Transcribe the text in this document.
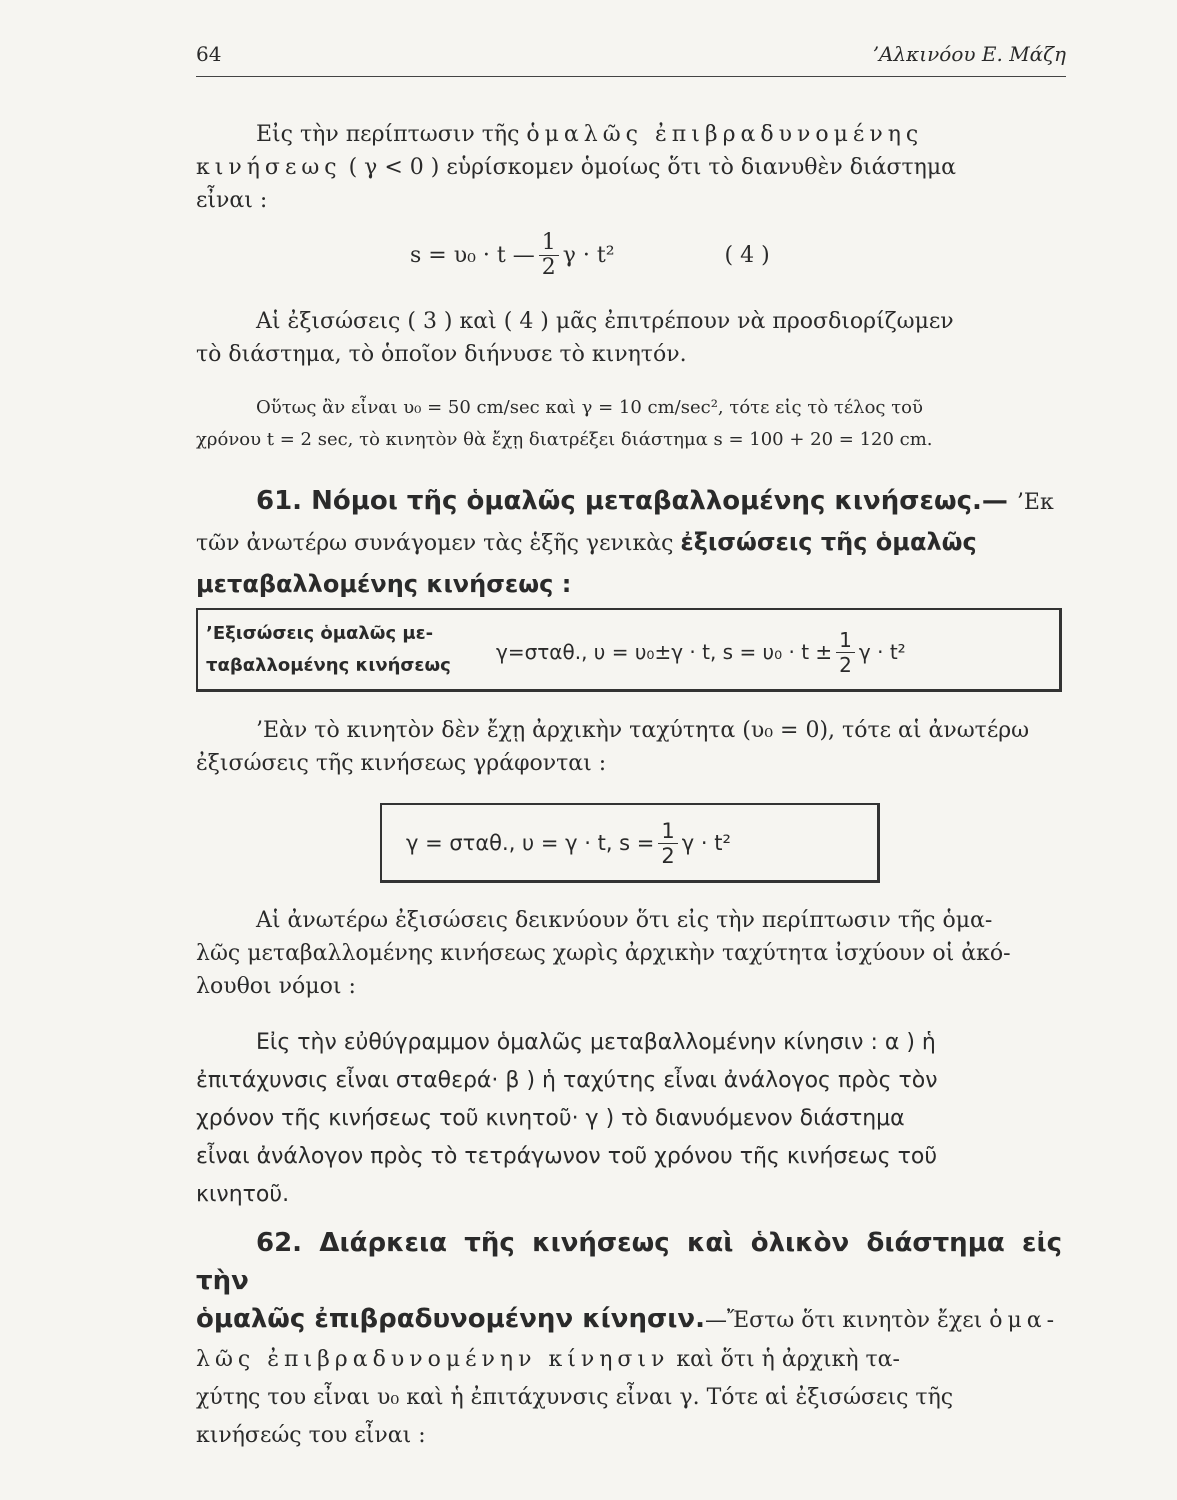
64	’Αλκινόου Ε. Μάζη

Εἰς τὴν περίπτωσιν τῆς ὁμαλῶς ἐπιβραδυνομένης

κινήσεως ( γ < 0 ) εὑρίσκομεν ὁμοίως ὅτι τὸ διανυθὲν διάστημα

εἶναι :

s = υ₀ · t — $\frac{1}{2}$ γ · t²	( 4 )

Αἱ ἐξισώσεις ( 3 ) καὶ ( 4 ) μᾶς ἐπιτρέπουν νὰ προσδιορίζωμεν

τὸ διάστημα, τὸ ὁποῖον διήνυσε τὸ κινητόν.

Οὕτως ἂν εἶναι υ₀ = 50 cm/sec καὶ γ = 10 cm/sec², τότε εἰς τὸ τέλος τοῦ

χρόνου t = 2 sec, τὸ κινητὸν θὰ ἔχῃ διατρέξει διάστημα s = 100 + 20 = 120 cm.

61. Νόμοι τῆς ὁμαλῶς μεταβαλλομένης κινήσεως.— ’Εκ

τῶν ἀνωτέρω συνάγομεν τὰς ἑξῆς γενικὰς ἐξισώσεις τῆς ὁμαλῶς

μεταβαλλομένης κινήσεως :

’Εξισώσεις ὁμαλῶς με-
ταβαλλομένης κινήσεως
γ=σταθ., υ = υ₀±γ · t, $s = \upsilon_0 \cdot t \pm \frac{1}{2}$ γ · t²

’Εὰν τὸ κινητὸν δὲν ἔχῃ ἀρχικὴν ταχύτητα (υ₀ = 0), τότε αἱ ἀνωτέρω

ἐξισώσεις τῆς κινήσεως γράφονται :

γ = σταθ., υ = γ · t, $s = \frac{1}{2}$ γ · t²

Αἱ ἀνωτέρω ἐξισώσεις δεικνύουν ὅτι εἰς τὴν περίπτωσιν τῆς ὁμα-

λῶς μεταβαλλομένης κινήσεως χωρὶς ἀρχικὴν ταχύτητα ἰσχύουν οἱ ἀκό-

λουθοι νόμοι :

Εἰς τὴν εὐθύγραμμον ὁμαλῶς μεταβαλλομένην κίνησιν : α ) ἡ

ἐπιτάχυνσις εἶναι σταθερά· β ) ἡ ταχύτης εἶναι ἀνάλογος πρὸς τὸν

χρόνον τῆς κινήσεως τοῦ κινητοῦ· γ ) τὸ διανυόμενον διάστημα

εἶναι ἀνάλογον πρὸς τὸ τετράγωνον τοῦ χρόνου τῆς κινήσεως τοῦ

κινητοῦ.

62. Διάρκεια τῆς κινήσεως καὶ ὁλικὸν διάστημα εἰς τὴν

ὁμαλῶς ἐπιβραδυνομένην κίνησιν.—Ἔστω ὅτι κινητὸν ἔχει ὁμα-

λῶς ἐπιβραδυνομένην κίνησιν καὶ ὅτι ἡ ἀρχικὴ τα-

χύτης του εἶναι υ₀ καὶ ἡ ἐπιτάχυνσις εἶναι γ. Τότε αἱ ἐξισώσεις τῆς

κινήσεώς του εἶναι :
